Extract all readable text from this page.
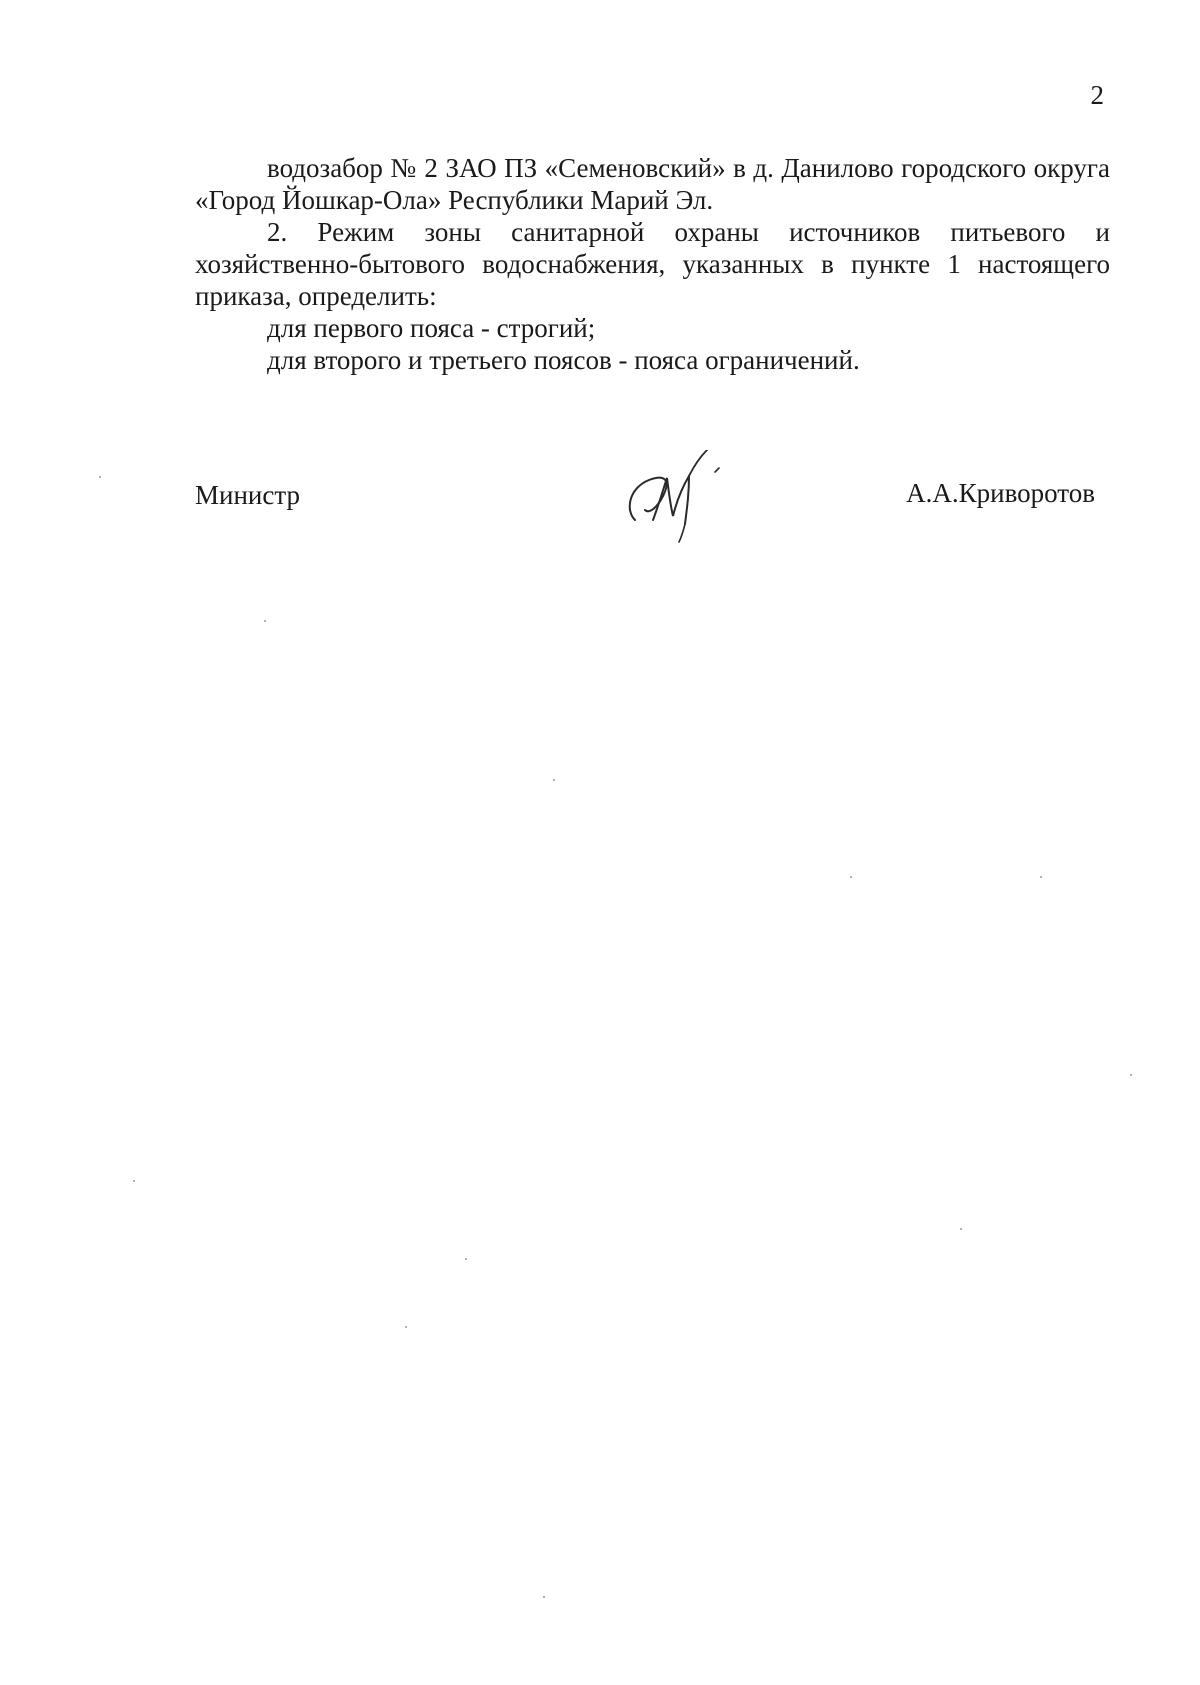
2

водозабор № 2 ЗАО ПЗ «Семеновский» в д. Данилово городского округа «Город Йошкар-Ола» Республики Марий Эл.

2. Режим зоны санитарной охраны источников питьевого и хозяйственно-бытового водоснабжения, указанных в пункте 1 настоящего приказа, определить:

для первого пояса - строгий;

для второго и третьего поясов - пояса ограничений.

Министр	А.А.Криворотов
